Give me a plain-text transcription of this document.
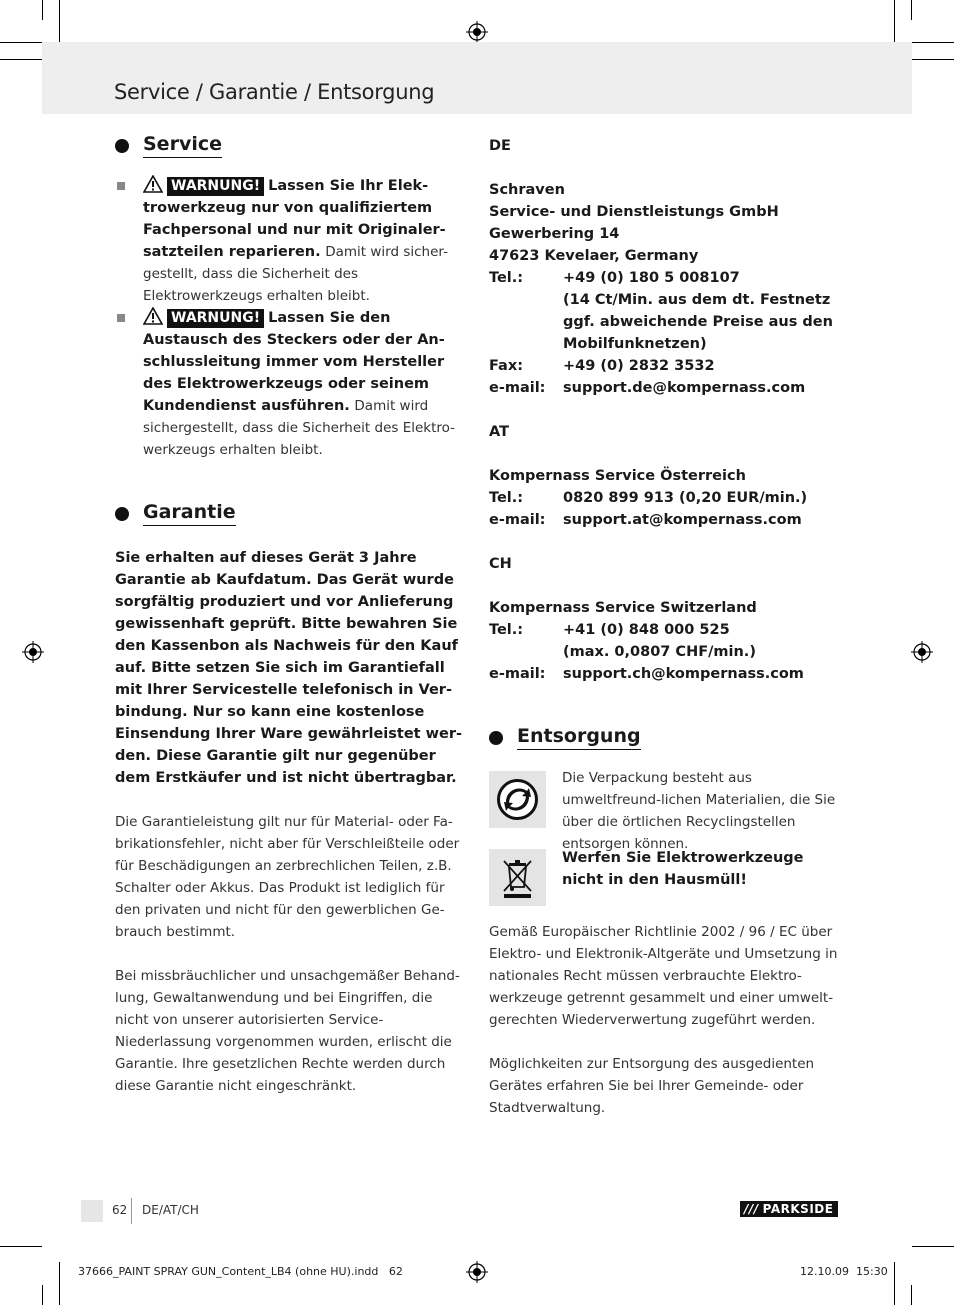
Service / Garantie / Entsorgung
Service
WARNUNG! Lassen Sie Ihr Elek-trowerkzeug nur von qualifiziertem Fachpersonal und nur mit Originaler-satzteilen reparieren. Damit wird sicher-gestellt, dass die Sicherheit des Elektrowerkzeugs erhalten bleibt.
WARNUNG! Lassen Sie den Austausch des Steckers oder der An-schlussleitung immer vom Hersteller des Elektrowerkzeugs oder seinem Kundendienst ausführen. Damit wird sichergestellt, dass die Sicherheit des Elektro-werkzeugs erhalten bleibt.
Garantie
Sie erhalten auf dieses Gerät 3 Jahre Garantie ab Kaufdatum. Das Gerät wurde sorgfältig produziert und vor Anlieferung gewissenhaft geprüft. Bitte bewahren Sie den Kassenbon als Nachweis für den Kauf auf. Bitte setzen Sie sich im Garantiefall mit Ihrer Servicestelle telefonisch in Ver-bindung. Nur so kann eine kostenlose Einsendung Ihrer Ware gewährleistet wer-den. Diese Garantie gilt nur gegenüber dem Erstkäufer und ist nicht übertragbar.
Die Garantieleistung gilt nur für Material- oder Fa-brikationsfehler, nicht aber für Verschleißteile oder für Beschädigungen an zerbrechlichen Teilen, z.B. Schalter oder Akkus. Das Produkt ist lediglich für den privaten und nicht für den gewerblichen Ge-brauch bestimmt.
Bei missbräuchlicher und unsachgemäßer Behand-lung, Gewaltanwendung und bei Eingriffen, die nicht von unserer autorisierten Service-Niederlassung vorgenommen wurden, erlischt die Garantie. Ihre gesetzlichen Rechte werden durch diese Garantie nicht eingeschränkt.
DE
Schraven
Service- und Dienstleistungs GmbH
Gewerbering 14
47623 Kevelaer, Germany
Tel.:	+49 (0) 180 5 008107
(14 Ct/Min. aus dem dt. Festnetz
ggf. abweichende Preise aus den
Mobilfunknetzen)
Fax:	+49 (0) 2832 3532
e-mail:	support.de@kompernass.com
AT
Kompernass Service Österreich
Tel.:	0820 899 913 (0,20 EUR/min.)
e-mail:	support.at@kompernass.com
CH
Kompernass Service Switzerland
Tel.:	+41 (0) 848 000 525
(max. 0,0807 CHF/min.)
e-mail:	support.ch@kompernass.com
Entsorgung
Die Verpackung besteht aus umweltfreund-lichen Materialien, die Sie über die örtlichen Recyclingstellen entsorgen können.
Werfen Sie Elektrowerkzeuge nicht in den Hausmüll!
Gemäß Europäischer Richtlinie 2002 / 96 / EC über Elektro- und Elektronik-Altgeräte und Umsetzung in nationales Recht müssen verbrauchte Elektro-werkzeuge getrennt gesammelt und einer umwelt-gerechten Wiederverwertung zugeführt werden.
Möglichkeiten zur Entsorgung des ausgedienten Gerätes erfahren Sie bei Ihrer Gemeinde- oder Stadtverwaltung.
62 DE/AT/CH	/// PARKSIDE
37666_PAINT SPRAY GUN_Content_LB4 (ohne HU).indd   62	12.10.09 15:30
